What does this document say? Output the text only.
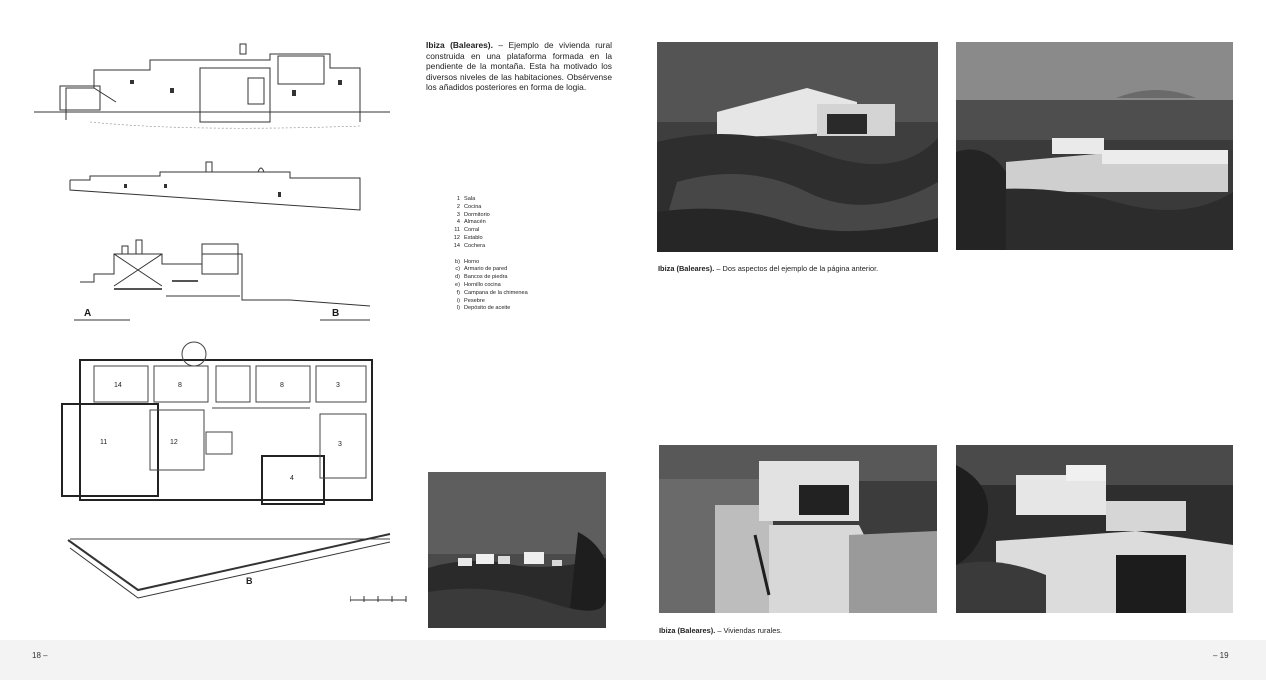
A	B
14	8	8	3
11	12	3
4
B
Ibiza (Baleares). – Ejemplo de vivienda rural construida en una plataforma formada en la pendiente de la montaña. Esta ha motivado los diversos niveles de las habitaciones. Obsérvense los añadidos posteriores en forma de logia.
1 Sala
2 Cocina
3 Dormitorio
4 Almacén
11 Corral
12 Establo
14 Cochera
b) Horno
c) Armario de pared
d) Bancos de piedra
e) Hornillo cocina
f) Campana de la chimenea
i) Pesebre
l) Depósito de aceite
18 –
Ibiza (Baleares). – Dos aspectos del ejemplo de la página anterior.
Ibiza (Baleares). – Viviendas rurales.
– 19
